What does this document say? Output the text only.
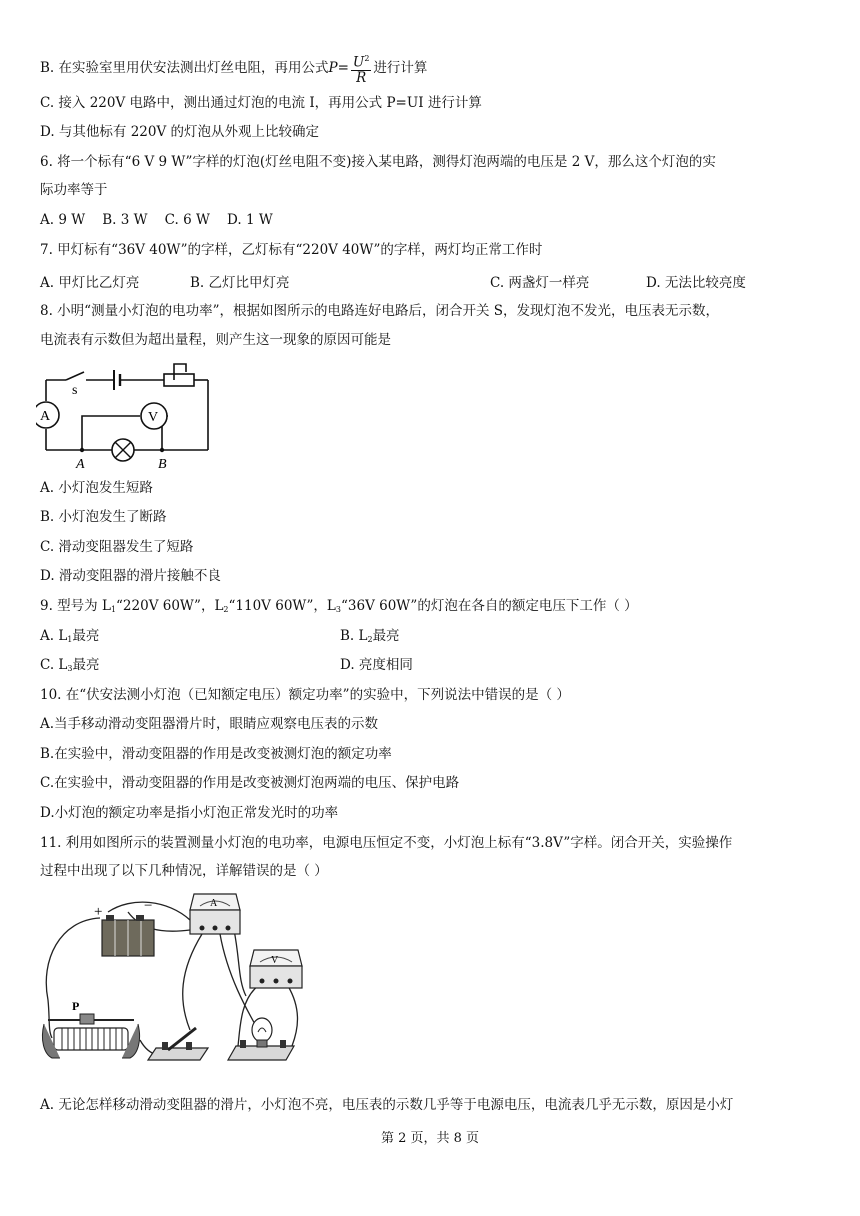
B. 在实验室里用伏安法测出灯丝电阻，再用公式$P= \frac{U^2}{R}$ 进行计算
C. 接入 220V 电路中，测出通过灯泡的电流 I，再用公式 P=UI 进行计算
D. 与其他标有 220V 的灯泡从外观上比较确定
6. 将一个标有“6 V 9 W”字样的灯泡(灯丝电阻不变)接入某电路，测得灯泡两端的电压是 2 V，那么这个灯泡的实
际功率等于
A. 9 W    B. 3 W    C. 6 W    D. 1 W
7. 甲灯标有“36V 40W”的字样，乙灯标有“220V 40W”的字样，两灯均正常工作时
A. 甲灯比乙灯亮	B. 乙灯比甲灯亮	C. 两盏灯一样亮	D. 无法比较亮度
8. 小明“测量小灯泡的电功率”，根据如图所示的电路连好电路后，闭合开关 S，发现灯泡不发光，电压表无示数，
电流表有示数但为超出量程，则产生这一现象的原因可能是
s
A	V
A	B
A. 小灯泡发生短路
B. 小灯泡发生了断路
C. 滑动变阻器发生了短路
D. 滑动变阻器的滑片接触不良
9. 型号为 $L_1“220V$ 60W”，$L_2“110V$ 60W”，$L_3“36V$ 60W”的灯泡在各自的额定电压下工作（ ）
A. $L_1$最亮	B. $L_2$最亮
C. $L_3$最亮	D. 亮度相同
10. 在“伏安法测小灯泡（已知额定电压）额定功率”的实验中，下列说法中错误的是（ ）
A.当手移动滑动变阻器滑片时，眼睛应观察电压表的示数
B.在实验中，滑动变阻器的作用是改变被测灯泡的额定功率
C.在实验中，滑动变阻器的作用是改变被测灯泡两端的电压、保护电路
D.小灯泡的额定功率是指小灯泡正常发光时的功率
11. 利用如图所示的装置测量小灯泡的电功率，电源电压恒定不变，小灯泡上标有“3.8V”字样。闭合开关，实验操作
过程中出现了以下几种情况，详解错误的是（ ）
+	−	A
V
P
A. 无论怎样移动滑动变阻器的滑片，小灯泡不亮，电压表的示数几乎等于电源电压，电流表几乎无示数，原因是小灯
第 2 页，共 8 页
